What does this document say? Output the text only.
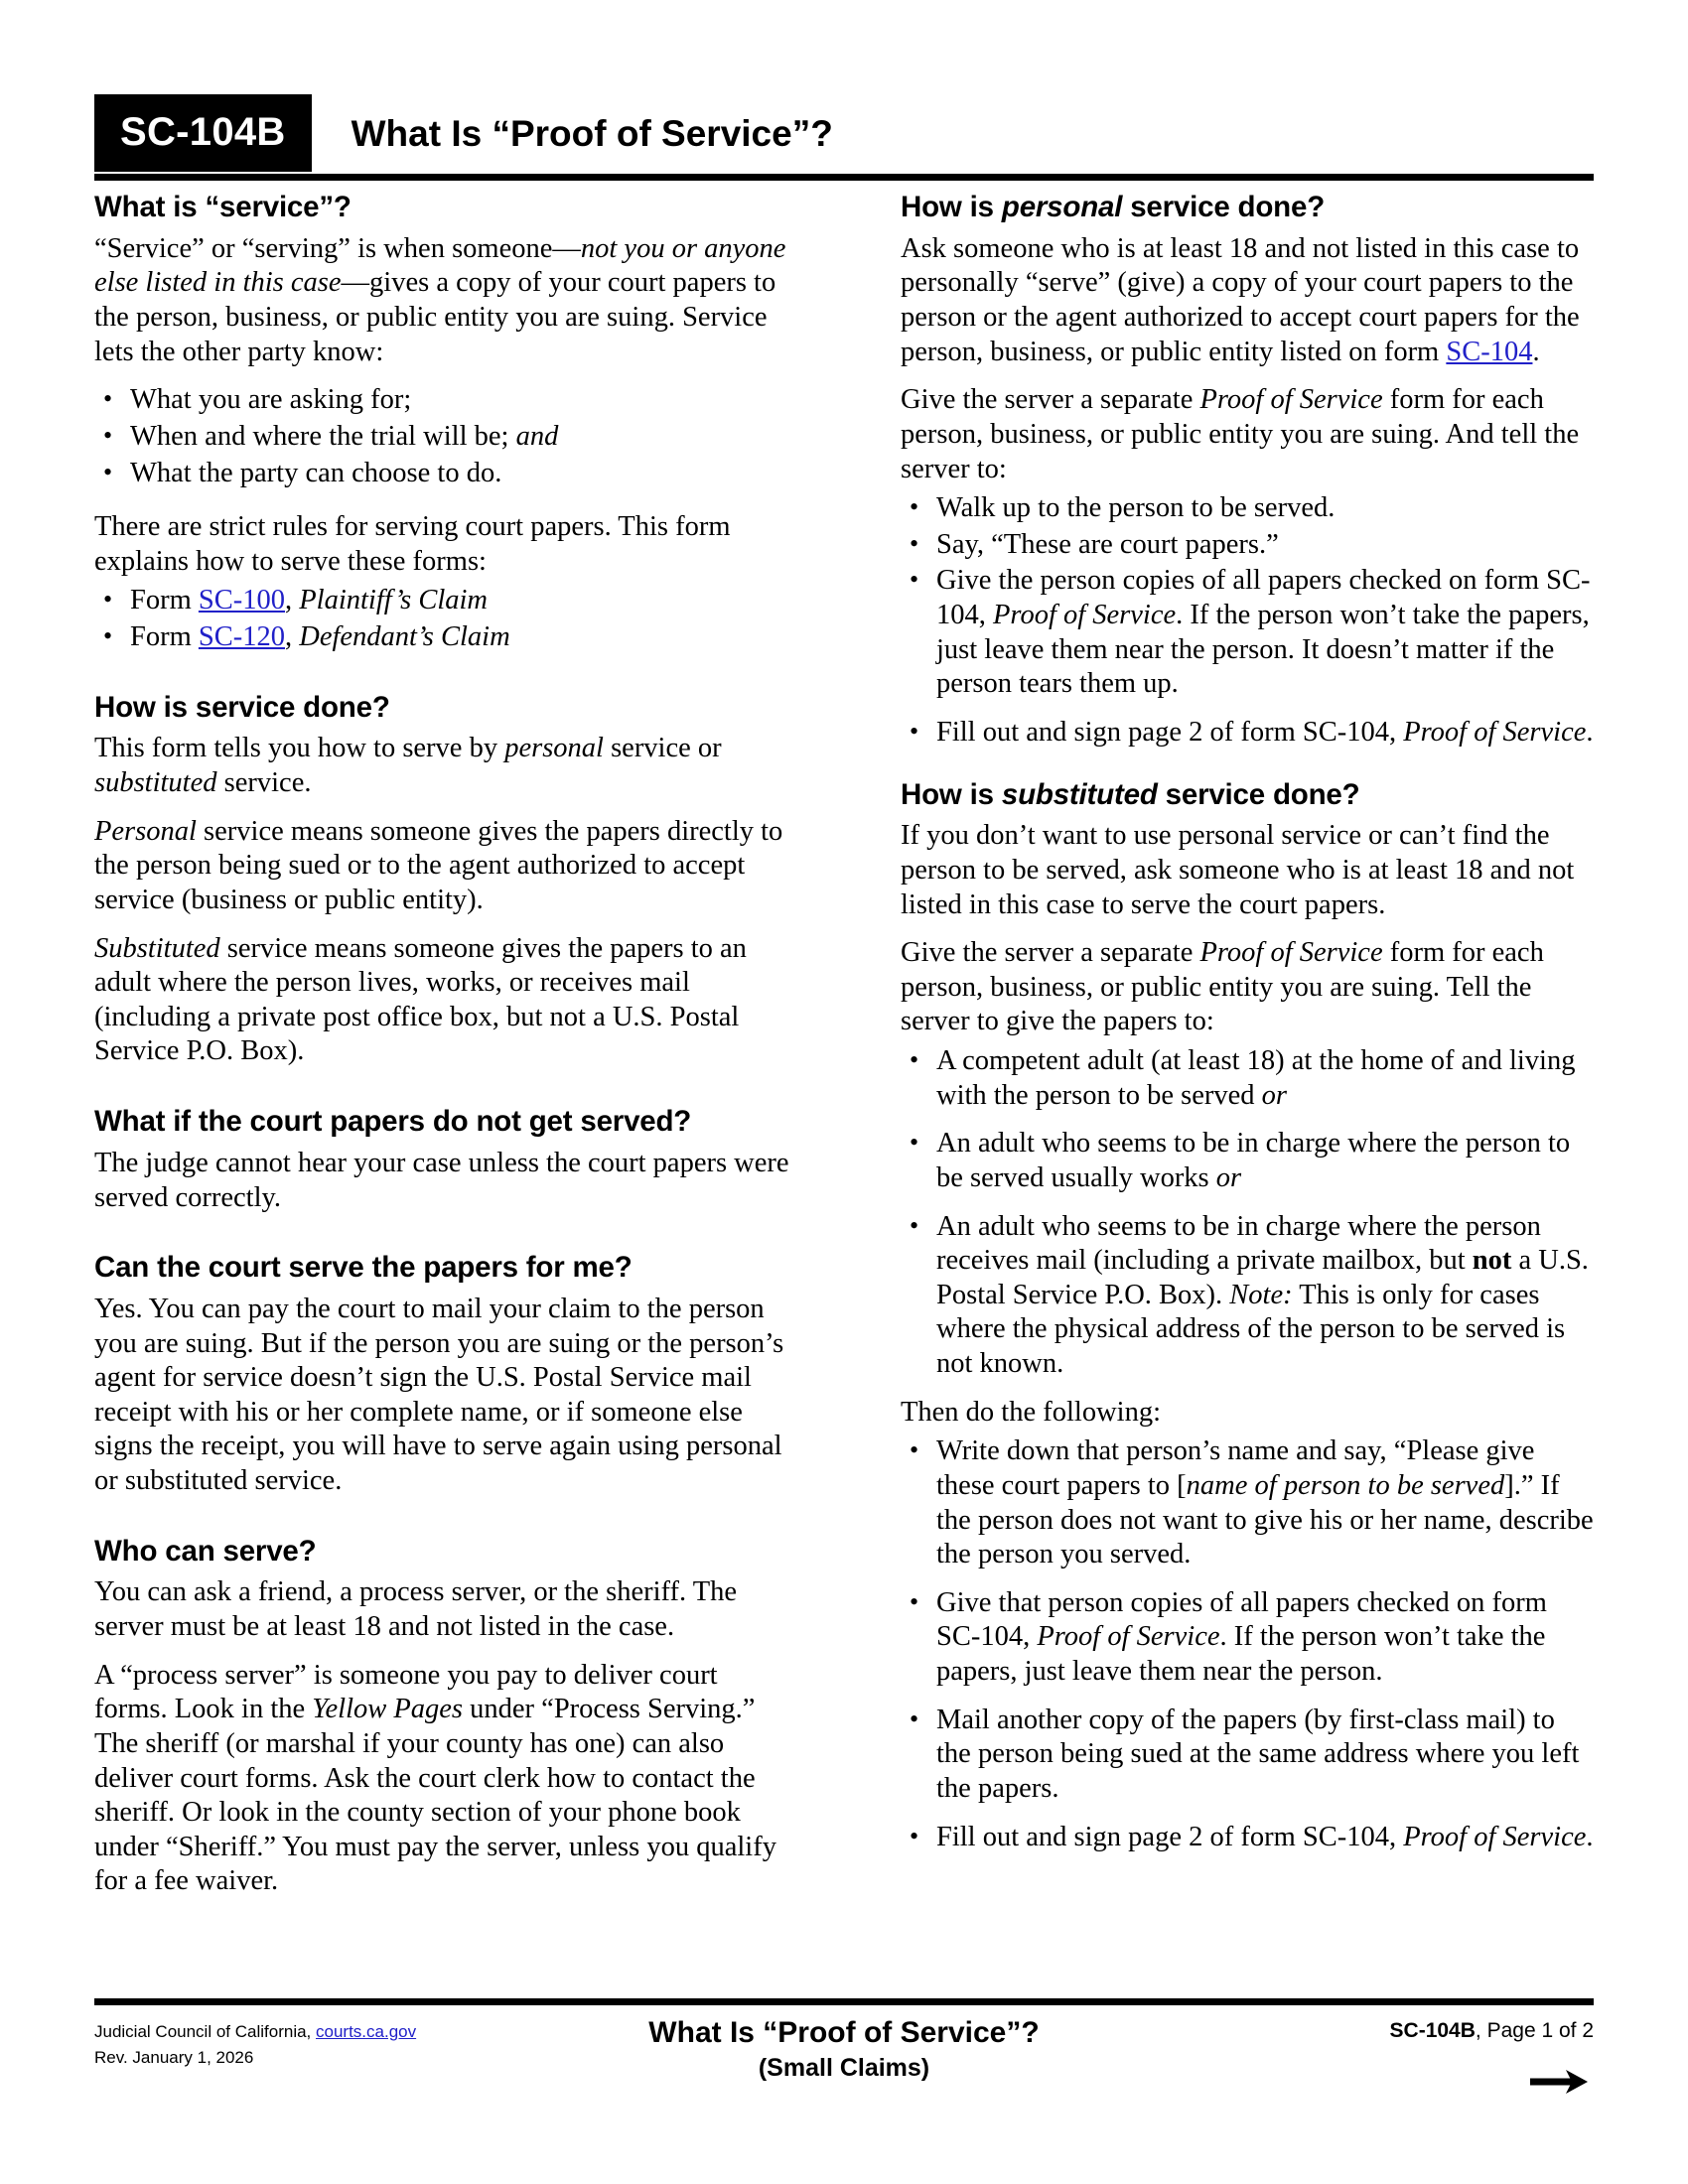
SC-104B	What Is “Proof of Service”?
What is “service”?

“Service” or “serving” is when someone—not you or anyone else listed in this case—gives a copy of your court papers to the person, business, or public entity you are suing. Service lets the other party know:

• What you are asking for;
• When and where the trial will be; and
• What the party can choose to do.

There are strict rules for serving court papers. This form explains how to serve these forms:

• Form SC-100, Plaintiff’s Claim
• Form SC-120, Defendant’s Claim
How is service done?

This form tells you how to serve by personal service or substituted service.

Personal service means someone gives the papers directly to the person being sued or to the agent authorized to accept service (business or public entity).

Substituted service means someone gives the papers to an adult where the person lives, works, or receives mail (including a private post office box, but not a U.S. Postal Service P.O. Box).

What if the court papers do not get served?

The judge cannot hear your case unless the court papers were served correctly.

Can the court serve the papers for me?

Yes. You can pay the court to mail your claim to the person you are suing. But if the person you are suing or the person’s agent for service doesn’t sign the U.S. Postal Service mail receipt with his or her complete name, or if someone else signs the receipt, you will have to serve again using personal or substituted service.

Who can serve?

You can ask a friend, a process server, or the sheriff. The server must be at least 18 and not listed in the case.

A “process server” is someone you pay to deliver court forms. Look in the Yellow Pages under “Process Serving.” The sheriff (or marshal if your county has one) can also deliver court forms. Ask the court clerk how to contact the sheriff. Or look in the county section of your phone book under “Sheriff.” You must pay the server, unless you qualify for a fee waiver.

How is personal service done?

Ask someone who is at least 18 and not listed in this case to personally “serve” (give) a copy of your court papers to the person or the agent authorized to accept court papers for the person, business, or public entity listed on form SC-104.

Give the server a separate Proof of Service form for each person, business, or public entity you are suing. And tell the server to:

• Walk up to the person to be served.
• Say, “These are court papers.”
• Give the person copies of all papers checked on form SC-104, Proof of Service. If the person won’t take the papers, just leave them near the person. It doesn’t matter if the person tears them up.
• Fill out and sign page 2 of form SC-104, Proof of Service.
How is substituted service done?

If you don’t want to use personal service or can’t find the person to be served, ask someone who is at least 18 and not listed in this case to serve the court papers.

Give the server a separate Proof of Service form for each person, business, or public entity you are suing. Tell the server to give the papers to:

• A competent adult (at least 18) at the home of and living with the person to be served or
• An adult who seems to be in charge where the person to be served usually works or
• An adult who seems to be in charge where the person receives mail (including a private mailbox, but not a U.S. Postal Service P.O. Box). Note: This is only for cases where the physical address of the person to be served is not known.

Then do the following:

• Write down that person’s name and say, “Please give these court papers to [name of person to be served].” If the person does not want to give his or her name, describe the person you served.
• Give that person copies of all papers checked on form SC-104, Proof of Service. If the person won’t take the papers, just leave them near the person.
• Mail another copy of the papers (by first-class mail) to the person being sued at the same address where you left the papers.
• Fill out and sign page 2 of form SC-104, Proof of Service.
Judicial Council of California, courts.ca.gov
Rev. January 1, 2026
What Is “Proof of Service”?
(Small Claims)
SC-104B, Page 1 of 2
